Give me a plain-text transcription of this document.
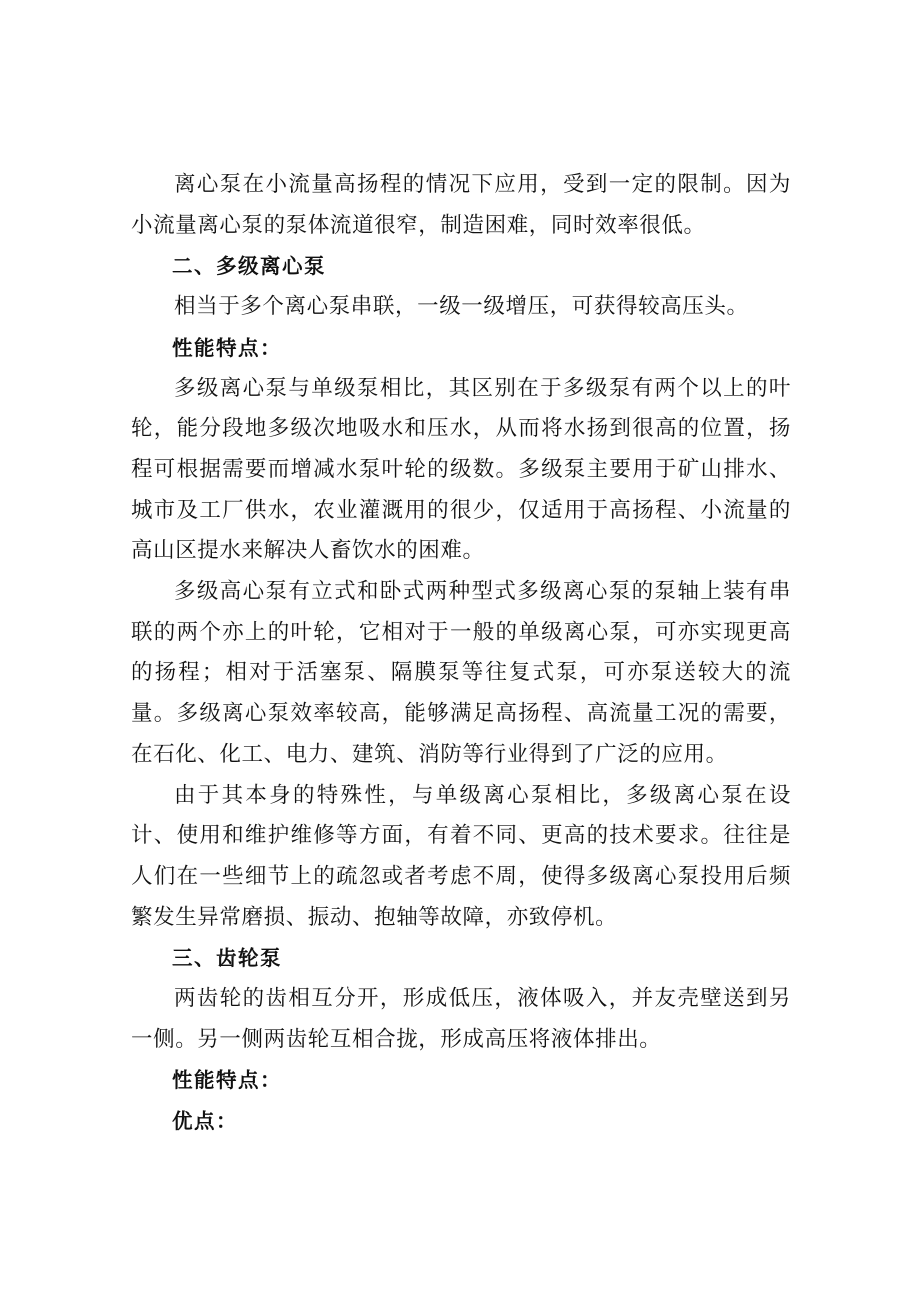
离心泵在小流量高扬程的情况下应用，受到一定的限制。因为小流量离心泵的泵体流道很窄，制造困难，同时效率很低。

二、多级离心泵

相当于多个离心泵串联，一级一级增压，可获得较高压头。

性能特点：

多级离心泵与单级泵相比，其区别在于多级泵有两个以上的叶轮，能分段地多级次地吸水和压水，从而将水扬到很高的位置，扬程可根据需要而增减水泵叶轮的级数。多级泵主要用于矿山排水、城市及工厂供水，农业灌溉用的很少，仅适用于高扬程、小流量的高山区提水来解决人畜饮水的困难。

多级高心泵有立式和卧式两种型式多级离心泵的泵轴上装有串联的两个亦上的叶轮，它相对于一般的单级离心泵，可亦实现更高的扬程；相对于活塞泵、隔膜泵等往复式泵，可亦泵送较大的流量。多级离心泵效率较高，能够满足高扬程、高流量工况的需要，在石化、化工、电力、建筑、消防等行业得到了广泛的应用。

由于其本身的特殊性，与单级离心泵相比，多级离心泵在设计、使用和维护维修等方面，有着不同、更高的技术要求。往往是人们在一些细节上的疏忽或者考虑不周，使得多级离心泵投用后频繁发生异常磨损、振动、抱轴等故障，亦致停机。

三、齿轮泵

两齿轮的齿相互分开，形成低压，液体吸入，并友壳壁送到另一侧。另一侧两齿轮互相合拢，形成高压将液体排出。

性能特点：

优点：
